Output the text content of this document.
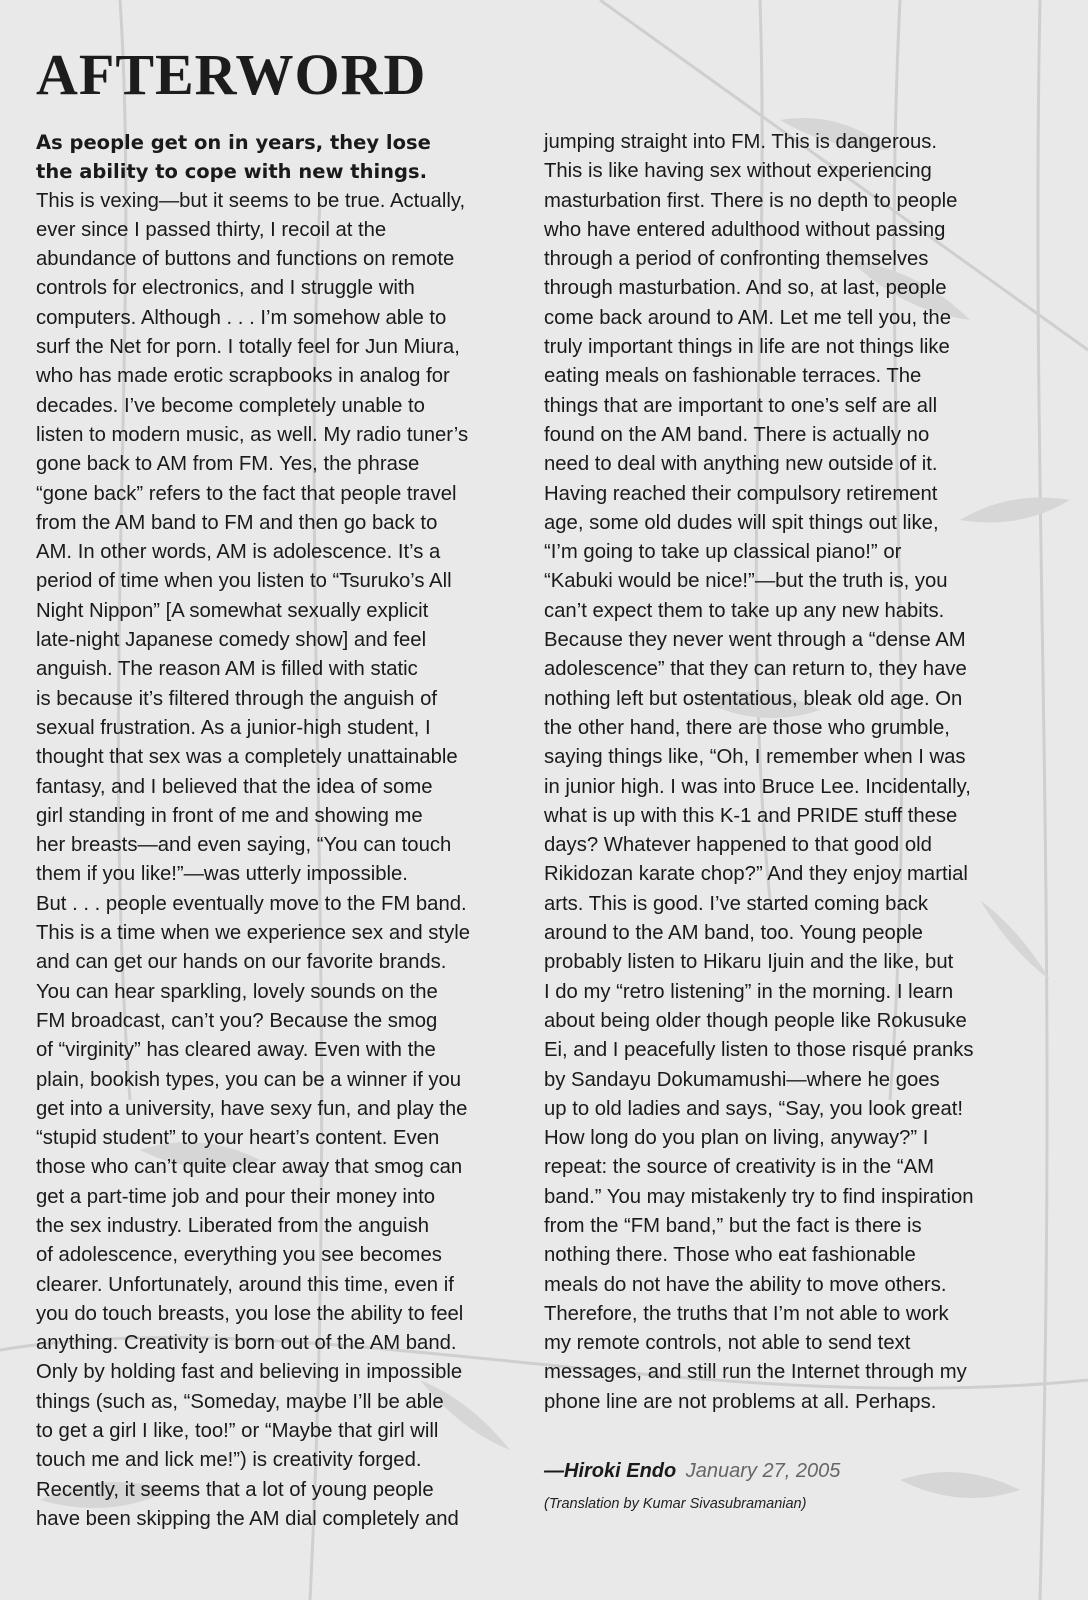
AFTERWORD
As people get on in years, they lose
the ability to cope with new things.
This is vexing—but it seems to be true. Actually,
ever since I passed thirty, I recoil at the
abundance of buttons and functions on remote
controls for electronics, and I struggle with
computers. Although . . . I’m somehow able to
surf the Net for porn. I totally feel for Jun Miura,
who has made erotic scrapbooks in analog for
decades. I’ve become completely unable to
listen to modern music, as well. My radio tuner’s
gone back to AM from FM. Yes, the phrase
“gone back” refers to the fact that people travel
from the AM band to FM and then go back to
AM. In other words, AM is adolescence. It’s a
period of time when you listen to “Tsuruko’s All
Night Nippon” [A somewhat sexually explicit
late-night Japanese comedy show] and feel
anguish. The reason AM is filled with static
is because it’s filtered through the anguish of
sexual frustration. As a junior-high student, I
thought that sex was a completely unattainable
fantasy, and I believed that the idea of some
girl standing in front of me and showing me
her breasts—and even saying, “You can touch
them if you like!”—was utterly impossible.
But . . . people eventually move to the FM band.
This is a time when we experience sex and style
and can get our hands on our favorite brands.
You can hear sparkling, lovely sounds on the
FM broadcast, can’t you? Because the smog
of “virginity” has cleared away. Even with the
plain, bookish types, you can be a winner if you
get into a university, have sexy fun, and play the
“stupid student” to your heart’s content. Even
those who can’t quite clear away that smog can
get a part-time job and pour their money into
the sex industry. Liberated from the anguish
of adolescence, everything you see becomes
clearer. Unfortunately, around this time, even if
you do touch breasts, you lose the ability to feel
anything. Creativity is born out of the AM band.
Only by holding fast and believing in impossible
things (such as, “Someday, maybe I’ll be able
to get a girl I like, too!” or “Maybe that girl will
touch me and lick me!”) is creativity forged.
Recently, it seems that a lot of young people
have been skipping the AM dial completely and
jumping straight into FM. This is dangerous.
This is like having sex without experiencing
masturbation first. There is no depth to people
who have entered adulthood without passing
through a period of confronting themselves
through masturbation. And so, at last, people
come back around to AM. Let me tell you, the
truly important things in life are not things like
eating meals on fashionable terraces. The
things that are important to one’s self are all
found on the AM band. There is actually no
need to deal with anything new outside of it.
Having reached their compulsory retirement
age, some old dudes will spit things out like,
“I’m going to take up classical piano!” or
“Kabuki would be nice!”—but the truth is, you
can’t expect them to take up any new habits.
Because they never went through a “dense AM
adolescence” that they can return to, they have
nothing left but ostentatious, bleak old age. On
the other hand, there are those who grumble,
saying things like, “Oh, I remember when I was
in junior high. I was into Bruce Lee. Incidentally,
what is up with this K-1 and PRIDE stuff these
days? Whatever happened to that good old
Rikidozan karate chop?” And they enjoy martial
arts. This is good. I’ve started coming back
around to the AM band, too. Young people
probably listen to Hikaru Ijuin and the like, but
I do my “retro listening” in the morning. I learn
about being older though people like Rokusuke
Ei, and I peacefully listen to those risqué pranks
by Sandayu Dokumamushi—where he goes
up to old ladies and says, “Say, you look great!
How long do you plan on living, anyway?” I
repeat: the source of creativity is in the “AM
band.” You may mistakenly try to find inspiration
from the “FM band,” but the fact is there is
nothing there. Those who eat fashionable
meals do not have the ability to move others.
Therefore, the truths that I’m not able to work
my remote controls, not able to send text
messages, and still run the Internet through my
phone line are not problems at all. Perhaps.
—Hiroki Endo January 27, 2005
(Translation by Kumar Sivasubramanian)
